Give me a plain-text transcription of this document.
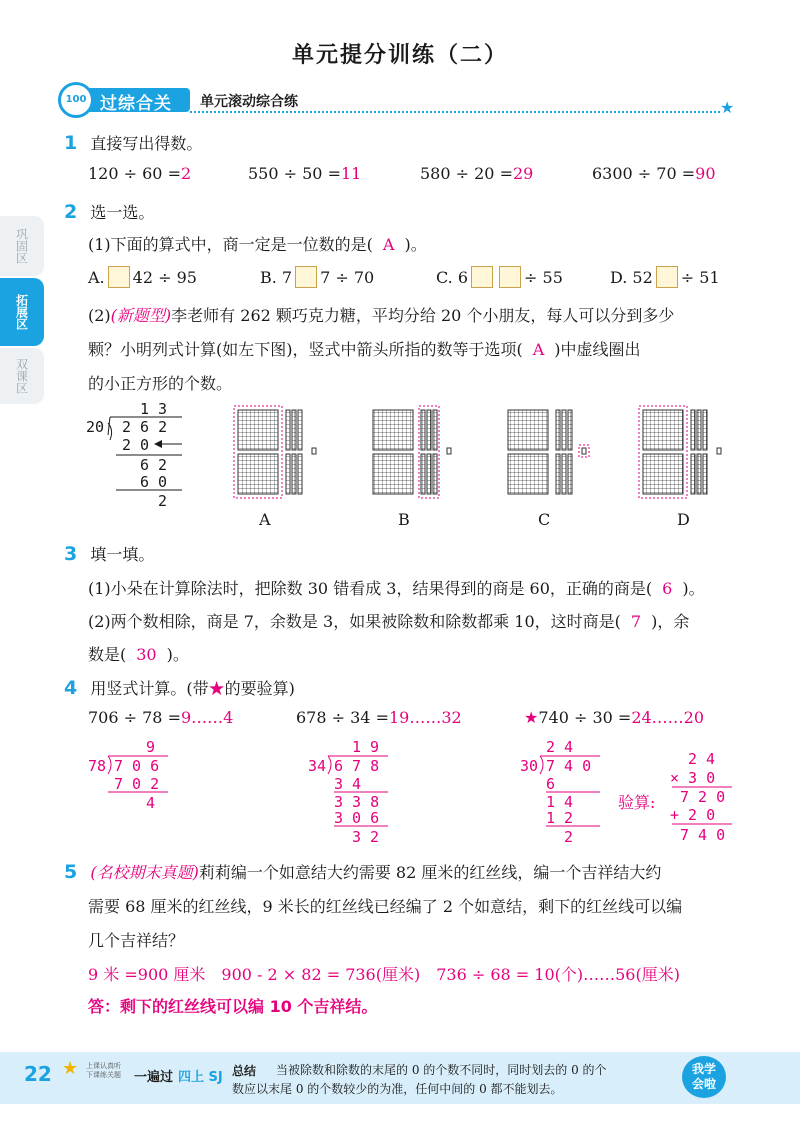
单元提分训练（二）
100 过综合关 单元滚动综合练	★
巩固区
拓展区
双课区
1 直接写出得数。
120 ÷ 60 =2	550 ÷ 50 =11	580 ÷ 20 =29	6300 ÷ 70 =90
2 选一选。
(1)下面的算式中，商一定是一位数的是( A )。
A. 42 ÷ 95	B. 7 7 ÷ 70	C. 6	÷ 55	D. 52 ÷ 51
(2)(新题型)李老师有 262 颗巧克力糖，平均分给 20 个小朋友，每人可以分到多少
颗？小明列式计算(如左下图)，竖式中箭头所指的数等于选项( A )中虚线圈出
的小正方形的个数。
20
1 3
2 6 2
2 0
6 2
6 0
2
A	B	C	D
3 填一填。
(1)小朵在计算除法时，把除数 30 错看成 3，结果得到的商是 60，正确的商是( 6 )。
(2)两个数相除，商是 7，余数是 3，如果被除数和除数都乘 10，这时商是( 7 )，余
数是( 30 )。
4 用竖式计算。(带★的要验算)
706 ÷ 78 =9……4	678 ÷ 34 =19……32	★740 ÷ 30 =24……20
9
78 7 0 6
7 0 2
4
1 9
34 6 7 8
3 4
3 3 8
3 0 6
3 2
2 4
30 7 4 0
6
1 4
1 2
2
验算:
2 4
× 3 0
7 2 0
+ 2 0
7 4 0
5 (名校期末真题)莉莉编一个如意结大约需要 82 厘米的红丝线，编一个吉祥结大约
需要 68 厘米的红丝线，9 米长的红丝线已经编了 2 个如意结，剩下的红丝线可以编
几个吉祥结？
9 米 =900 厘米　900 - 2 × 82 = 736(厘米)　736 ÷ 68 = 10(个)……56(厘米)
答：剩下的红丝线可以编 10 个吉祥结。
22 ★ 上课认真听
下课练关题 一遍过 四上 SJ 总结 当被除数和除数的末尾的 0 的个数不同时，同时划去的 0 的个
数应以末尾 0 的个数较少的为准，任何中间的 0 都不能划去。
我学
会啦
